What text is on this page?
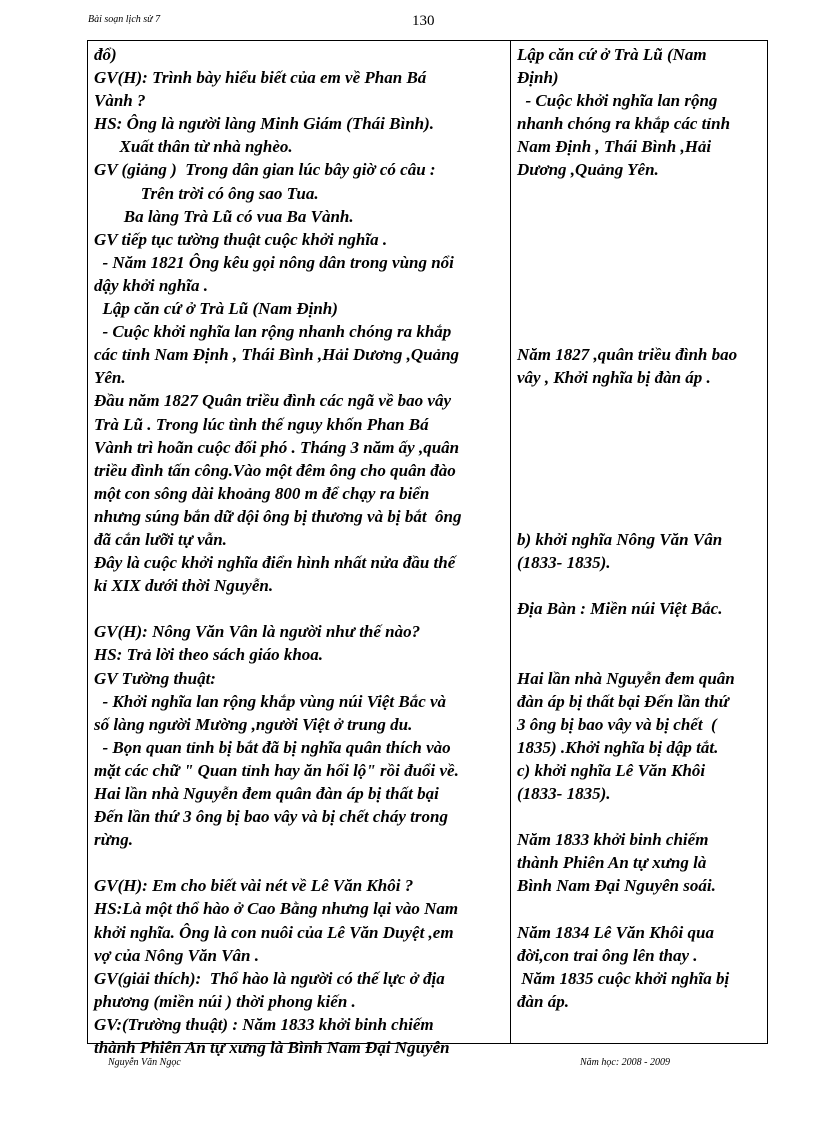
Bài soạn lịch sử 7	130
đổ)
GV(H): Trình bày hiểu biết của em về Phan Bá
Vành ?
HS: Ông là người làng Minh Giám (Thái Bình).
Xuất thân từ nhà nghèo.
GV (giảng )  Trong dân gian lúc bây giờ có câu :
Trên trời có ông sao Tua.
Ba làng Trà Lũ có vua Ba Vành.
GV tiếp tục tường thuật cuộc khởi nghĩa .
- Năm 1821 Ông kêu gọi nông dân trong vùng nổi
dậy khởi nghĩa .
Lập căn cứ ở Trà Lũ (Nam Định)
- Cuộc khởi nghĩa lan rộng nhanh chóng ra khắp
các tỉnh Nam Định , Thái Bình ,Hải Dương ,Quảng
Yên.
Đầu năm 1827 Quân triều đình các ngã về bao vây
Trà Lũ . Trong lúc tình thế nguy khốn Phan Bá
Vành trì hoãn cuộc đối phó . Tháng 3 năm ấy ,quân
triều đình tấn công.Vào một đêm ông cho quân đào
một con sông dài khoảng 800 m để chạy ra biển
nhưng súng bắn dữ dội ông bị thương và bị bắt  ông
đã cắn lưỡi tự vẫn.
Đây là cuộc khởi nghĩa điển hình nhất nửa đầu thế
kỉ XIX dưới thời Nguyễn.
GV(H): Nông Văn Vân là người như thế nào?
HS: Trả lời theo sách giáo khoa.
GV Tường thuật:
- Khởi nghĩa lan rộng khắp vùng núi Việt Bắc và
số làng người Mường ,người Việt ở trung du.
- Bọn quan tỉnh bị bắt đã bị nghĩa quân thích vào
mặt các chữ " Quan tỉnh hay ăn hối lộ" rồi đuổi về.
Hai lần nhà Nguyễn đem quân đàn áp bị thất bại
Đến lần thứ 3 ông bị bao vây và bị chết cháy trong
rừng.
GV(H): Em cho biết vài nét về Lê Văn Khôi ?
HS:Là một thổ hào ở Cao Bằng nhưng lại vào Nam
khởi nghĩa. Ông là con nuôi của Lê Văn Duyệt ,em
vợ của Nông Văn Vân .
GV(giải thích):  Thổ hào là người có thế lực ở địa
phương (miền núi ) thời phong kiến .
GV:(Trường thuật) : Năm 1833 khởi binh chiếm
thành Phiên An tự xưng là Bình Nam Đại Nguyên
Lập căn cứ ở Trà Lũ (Nam
Định)
- Cuộc khởi nghĩa lan rộng
nhanh chóng ra khắp các tỉnh
Nam Định , Thái Bình ,Hải
Dương ,Quảng Yên.
Năm 1827 ,quân triều đình bao
vây , Khởi nghĩa bị đàn áp .
b) khởi nghĩa Nông Văn Vân
(1833- 1835).
Địa Bàn : Miền núi Việt Bắc.
Hai lần nhà Nguyễn đem quân
đàn áp bị thất bại Đến lần thứ
3 ông bị bao vây và bị chết  (
1835) .Khởi nghĩa bị dập tắt.
c) khởi nghĩa Lê Văn Khôi
(1833- 1835).
Năm 1833 khởi binh chiếm
thành Phiên An tự xưng là
Bình Nam Đại Nguyên soái.
Năm 1834 Lê Văn Khôi qua
đời,con trai ông lên thay .
Năm 1835 cuộc khởi nghĩa bị
đàn áp.
Nguyễn Văn Ngọc	Năm học: 2008 - 2009
